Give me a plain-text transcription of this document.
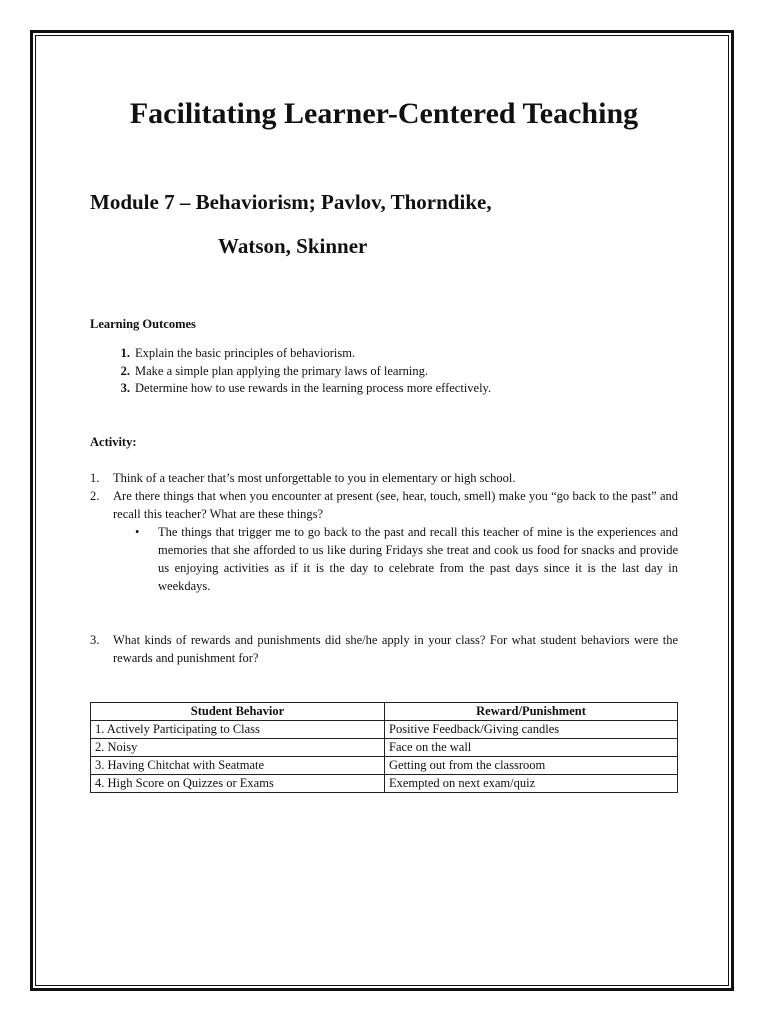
Facilitating Learner-Centered Teaching
Module 7 – Behaviorism; Pavlov, Thorndike,
Watson, Skinner

Learning Outcomes

1. Explain the basic principles of behaviorism.
2. Make a simple plan applying the primary laws of learning.
3. Determine how to use rewards in the learning process more effectively.

Activity:

1.	Think of a teacher that’s most unforgettable to you in elementary or high school.
2.	Are there things that when you encounter at present (see, hear, touch, smell) make you “go back to the past” and recall this teacher? What are these things?
•	The things that trigger me to go back to the past and recall this teacher of mine is the experiences and memories that she afforded to us like during Fridays she treat and cook us food for snacks and provide us enjoying activities as if it is the day to celebrate from the past days since it is the last day in weekdays.
3.	What kinds of rewards and punishments did she/he apply in your class? For what student behaviors were the rewards and punishment for?
Student Behavior	Reward/Punishment
1. Actively Participating to Class	Positive Feedback/Giving candles
2. Noisy	Face on the wall
3. Having Chitchat with Seatmate	Getting out from the classroom
4. High Score on Quizzes or Exams	Exempted on next exam/quiz
